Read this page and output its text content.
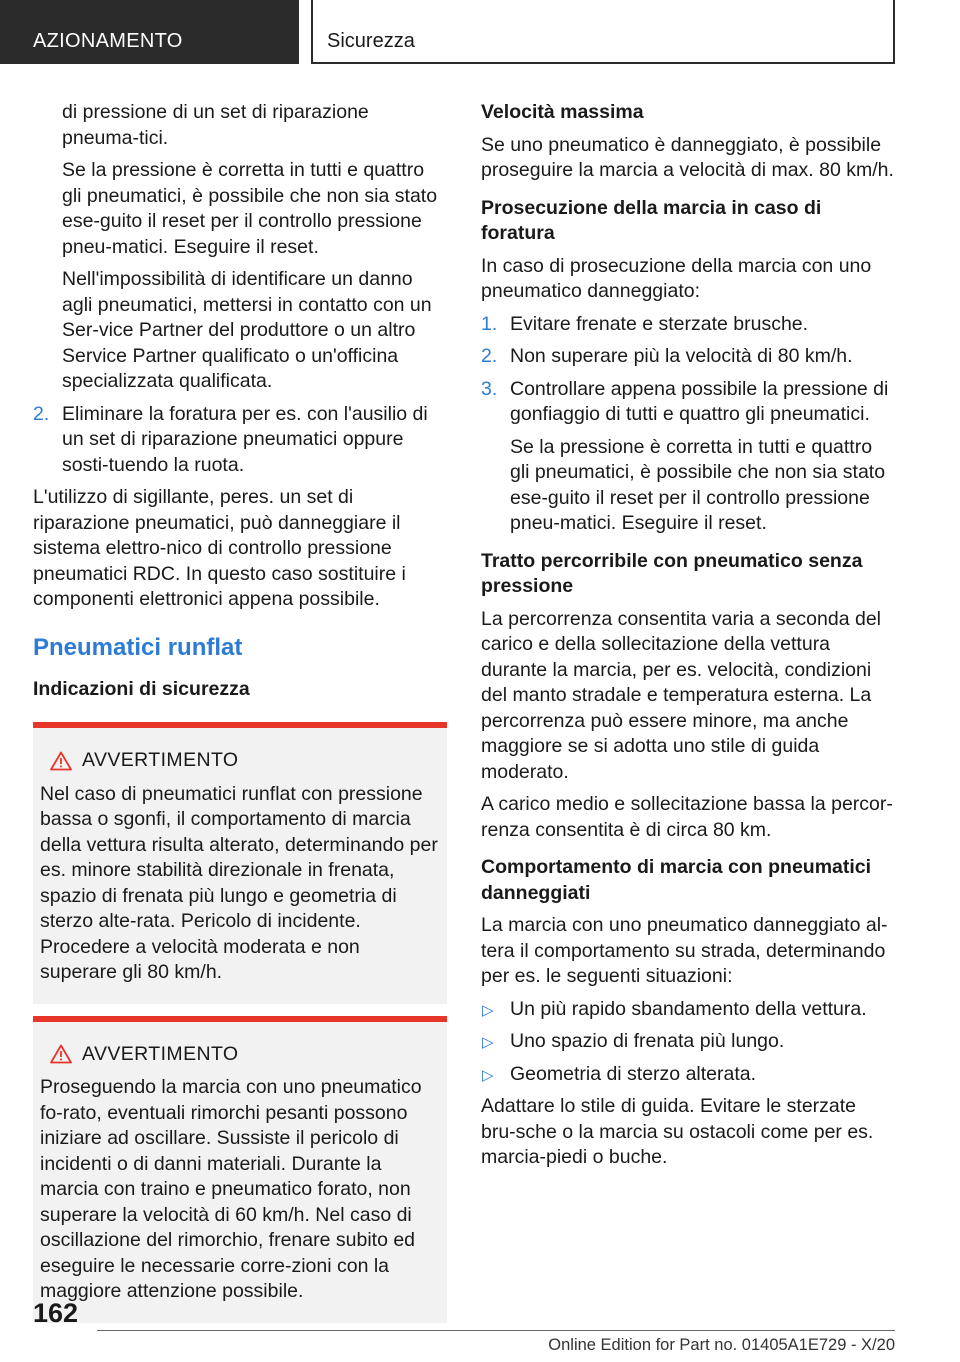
AZIONAMENTO	Sicurezza

di pressione di un set di riparazione pneuma-tici.

Se la pressione è corretta in tutti e quattro gli pneumatici, è possibile che non sia stato ese-guito il reset per il controllo pressione pneu-matici. Eseguire il reset.

Nell'impossibilità di identificare un danno agli pneumatici, mettersi in contatto con un Ser-vice Partner del produttore o un altro Service Partner qualificato o un'officina specializzata qualificata.

2. Eliminare la foratura per es. con l'ausilio di un set di riparazione pneumatici oppure sosti-tuendo la ruota.

L'utilizzo di sigillante, peres. un set di riparazione pneumatici, può danneggiare il sistema elettro-nico di controllo pressione pneumatici RDC. In questo caso sostituire i componenti elettronici appena possibile.

Pneumatici runflat

Indicazioni di sicurezza

AVVERTIMENTO

Nel caso di pneumatici runflat con pressione bassa o sgonfi, il comportamento di marcia della vettura risulta alterato, determinando per es. minore stabilità direzionale in frenata, spazio di frenata più lungo e geometria di sterzo alte-rata. Pericolo di incidente. Procedere a velocità moderata e non superare gli 80 km/h.

AVVERTIMENTO

Proseguendo la marcia con uno pneumatico fo-rato, eventuali rimorchi pesanti possono iniziare ad oscillare. Sussiste il pericolo di incidenti o di danni materiali. Durante la marcia con traino e pneumatico forato, non superare la velocità di 60 km/h. Nel caso di oscillazione del rimorchio, frenare subito ed eseguire le necessarie corre-zioni con la maggiore attenzione possibile.

Velocità massima

Se uno pneumatico è danneggiato, è possibile proseguire la marcia a velocità di max. 80 km/h.

Prosecuzione della marcia in caso di foratura

In caso di prosecuzione della marcia con uno pneumatico danneggiato:

1. Evitare frenate e sterzate brusche.
2. Non superare più la velocità di 80 km/h.
3. Controllare appena possibile la pressione di gonfiaggio di tutti e quattro gli pneumatici.

Se la pressione è corretta in tutti e quattro gli pneumatici, è possibile che non sia stato ese-guito il reset per il controllo pressione pneu-matici. Eseguire il reset.

Tratto percorribile con pneumatico senza pressione

La percorrenza consentita varia a seconda del carico e della sollecitazione della vettura durante la marcia, per es. velocità, condizioni del manto stradale e temperatura esterna. La percorrenza può essere minore, ma anche maggiore se si adotta uno stile di guida moderato.

A carico medio e sollecitazione bassa la percor-renza consentita è di circa 80 km.

Comportamento di marcia con pneumatici danneggiati

La marcia con uno pneumatico danneggiato al-tera il comportamento su strada, determinando per es. le seguenti situazioni:

▷ Un più rapido sbandamento della vettura.
▷ Uno spazio di frenata più lungo.
▷ Geometria di sterzo alterata.

Adattare lo stile di guida. Evitare le sterzate bru-sche o la marcia su ostacoli come per es. marcia-piedi o buche.

162
Online Edition for Part no. 01405A1E729 - X/20
